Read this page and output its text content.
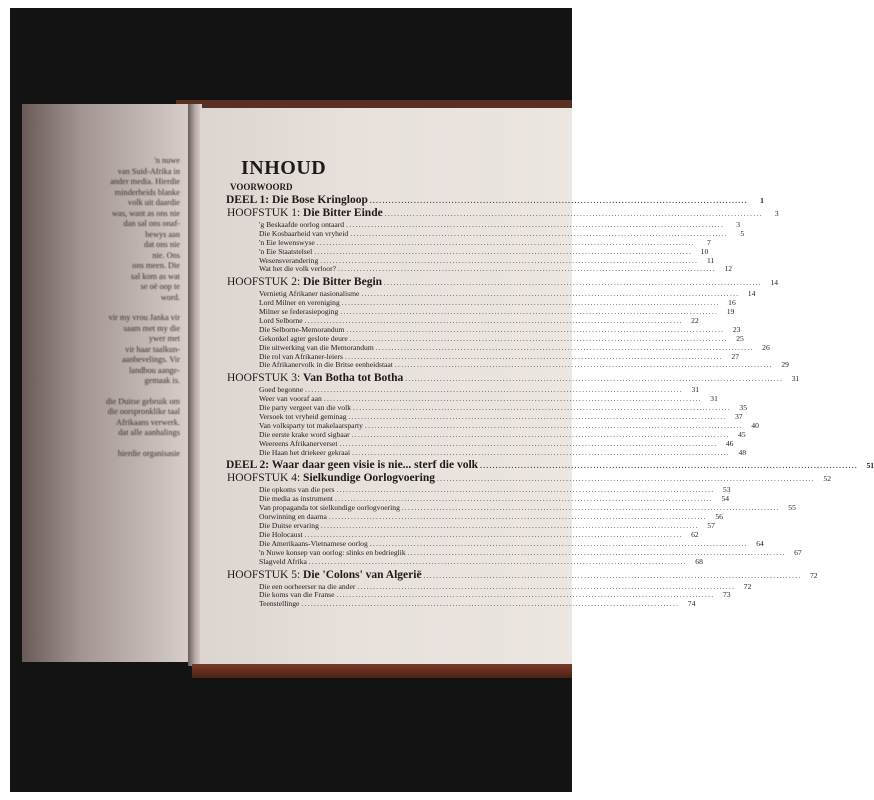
'n nuwe
van Suid-Afrika in
ander media. Hierdie
minderheids blanke
volk uit daardie
was, want as ons nie
dan sal ons onaf-
bewys aan
dat ons nie
nie. Ons
ons meen. Die
sal kom as wat
se oë oop te
word.
vir my vrou Janka vir
saam met my die
ywer met
vir haar taalkun-
aanbevelings. Vir
landbou aange-
gemaak is.
die Duitse gebruik om
die oorspronklike taal
Afrikaans verwerk.
dat alle aanhalings
hierdie organisasie
INHOUD
VOORWOORD
DEEL 1: Die Bose Kringloop ........................................................................................................................	1
HOOFSTUK 1: Die Bitter Einde ........................................................................................................................	3
'g Beskaafde oorlog ontaard ........................................................................................................................	3
Die Kosbaarheid van vryheid ........................................................................................................................	5
'n Eie lewenswyse ........................................................................................................................	7
'n Eie Staatstelsel ........................................................................................................................	10
Wesensverandering ........................................................................................................................	11
Wat het die volk verloor? ........................................................................................................................	12
HOOFSTUK 2: Die Bitter Begin ........................................................................................................................	14
Vernietig Afrikaner nasionalisme ........................................................................................................................	14
Lord Milner en vereniging ........................................................................................................................	16
Milner se federasiepoging ........................................................................................................................	19
Lord Selborne ........................................................................................................................	22
Die Selborne-Memorandum ........................................................................................................................	23
Gekonkel agter geslote deure ........................................................................................................................	25
Die uitwerking van die Memorandum ........................................................................................................................	26
Die rol van Afrikaner-leiers ........................................................................................................................	27
Die Afrikanervolk in die Britse eenheidstaat ........................................................................................................................	29
HOOFSTUK 3: Van Botha tot Botha ........................................................................................................................	31
Goed begonne ........................................................................................................................	31
Weer van vooraf aan ........................................................................................................................	31
Die party vergeet van die volk ........................................................................................................................	35
Versoek tot vryheid geminag ........................................................................................................................	37
Van volksparty tot makelaarsparty ........................................................................................................................	40
Die eerste krake word sigbaar ........................................................................................................................	45
Weereens Afrikanerverset ........................................................................................................................	46
Die Haan het driekeer gekraai ........................................................................................................................	48
DEEL 2: Waar daar geen visie is nie... sterf die volk ........................................................................................................................	51
HOOFSTUK 4: Sielkundige Oorlogvoering ........................................................................................................................	52
Die opkoms van die pers ........................................................................................................................	53
Die media as instrument ........................................................................................................................	54
Van propaganda tot sielkundige oorlogvoering ........................................................................................................................	55
Oorwinning en daarna ........................................................................................................................	56
Die Duitse ervaring ........................................................................................................................	57
Die Holocaust ........................................................................................................................	62
Die Amerikaans-Vietnamese oorlog ........................................................................................................................	64
'n Nuwe konsep van oorlog: slinks en bedrieglik ........................................................................................................................	67
Slagveld Afrika ........................................................................................................................	68
HOOFSTUK 5: Die 'Colons' van Algerië ........................................................................................................................	72
Die een oorheerser na die ander ........................................................................................................................	72
Die koms van die Franse ........................................................................................................................	73
Teenstellinge ........................................................................................................................	74
